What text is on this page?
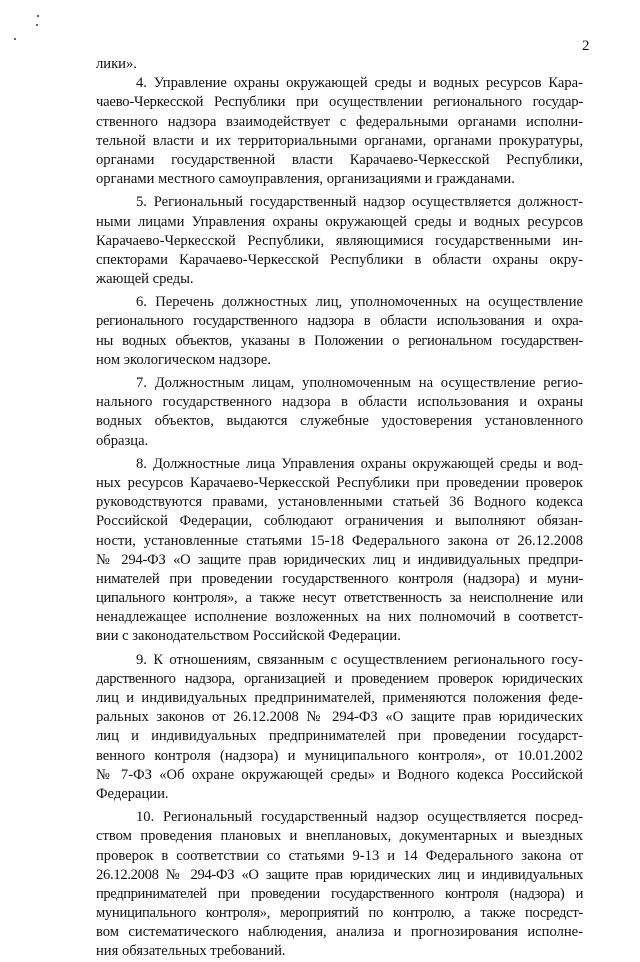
2
лики».
4. Управление охраны окружающей среды и водных ресурсов Кара-
чаево-Черкесской Республики при осуществлении регионального государ-
ственного надзора взаимодействует с федеральными органами исполни-
тельной власти и их территориальными органами, органами прокуратуры,
органами государственной власти Карачаево-Черкесской Республики,
органами местного самоуправления, организациями и гражданами.
5. Региональный государственный надзор осуществляется должност-
ными лицами Управления охраны окружающей среды и водных ресурсов
Карачаево-Черкесской Республики, являющимися государственными ин-
спекторами Карачаево-Черкесской Республики в области охраны окру-
жающей среды.
6. Перечень должностных лиц, уполномоченных на осуществление
регионального государственного надзора в области использования и охра-
ны водных объектов, указаны в Положении о региональном государствен-
ном экологическом надзоре.
7. Должностным лицам, уполномоченным на осуществление регио-
нального государственного надзора в области использования и охраны
водных объектов, выдаются служебные удостоверения установленного
образца.
8. Должностные лица Управления охраны окружающей среды и вод-
ных ресурсов Карачаево-Черкесской Республики при проведении проверок
руководствуются правами, установленными статьей 36 Водного кодекса
Российской Федерации, соблюдают ограничения и выполняют обязан-
ности, установленные статьями 15-18 Федерального закона от 26.12.2008
№ 294-ФЗ «О защите прав юридических лиц и индивидуальных предпри-
нимателей при проведении государственного контроля (надзора) и муни-
ципального контроля», а также несут ответственность за неисполнение или
ненадлежащее исполнение возложенных на них полномочий в соответст-
вии с законодательством Российской Федерации.
9. К отношениям, связанным с осуществлением регионального госу-
дарственного надзора, организацией и проведением проверок юридических
лиц и индивидуальных предпринимателей, применяются положения феде-
ральных законов от 26.12.2008 № 294-ФЗ «О защите прав юридических
лиц и индивидуальных предпринимателей при проведении государст-
венного контроля (надзора) и муниципального контроля», от 10.01.2002
№ 7-ФЗ «Об охране окружающей среды» и Водного кодекса Российской
Федерации.
10. Региональный государственный надзор осуществляется посред-
ством проведения плановых и внеплановых, документарных и выездных
проверок в соответствии со статьями 9-13 и 14 Федерального закона от
26.12.2008 № 294-ФЗ «О защите прав юридических лиц и индивидуальных
предпринимателей при проведении государственного контроля (надзора) и
муниципального контроля», мероприятий по контролю, а также посредст-
вом систематического наблюдения, анализа и прогнозирования исполне-
ния обязательных требований.
